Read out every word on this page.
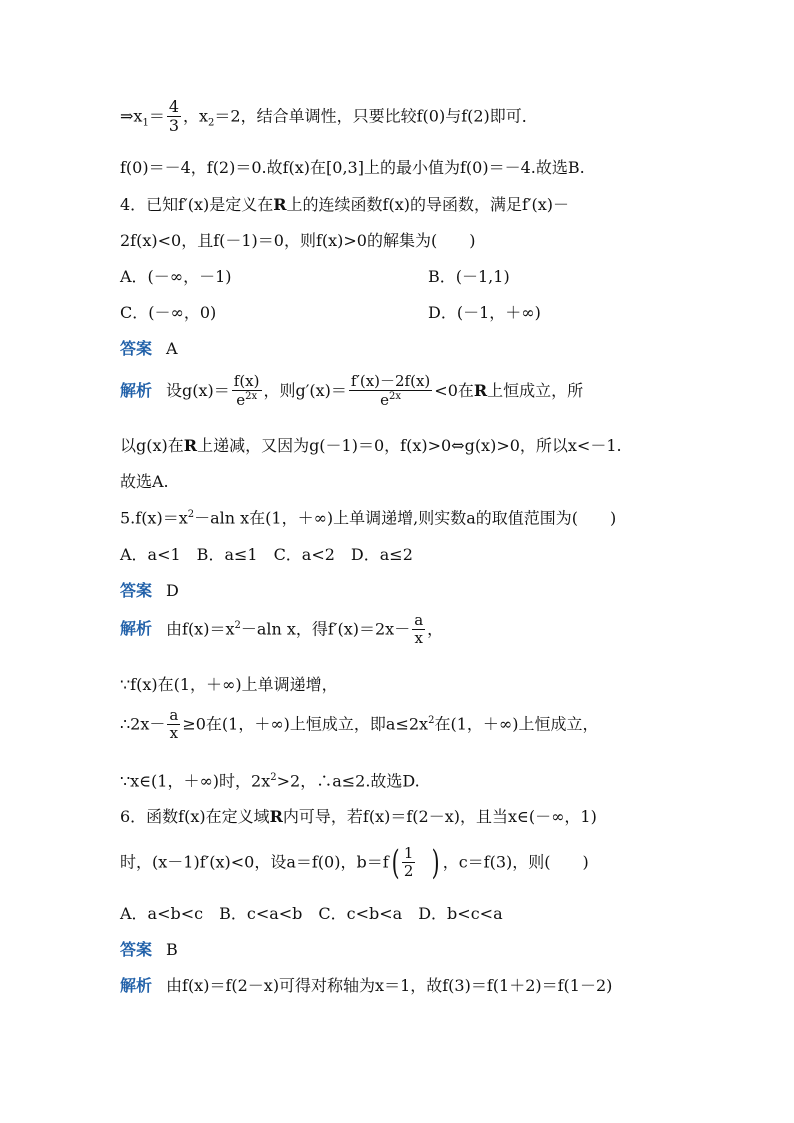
$\Rightarrow x_1= \frac{4}{3}$ ，$x_2=2$，结合单调性，只要比较f(0)与f(2)即可．
f(0)＝－4，f(2)＝0.故f(x)在[0,3]上的最小值为f(0)＝－4.故选B.
4．已知f′(x)是定义在R上的连续函数f(x)的导函数，满足f′(x)－
2f(x)<0，且f(－1)＝0，则f(x)>0的解集为(　　)
A．(－∞，－1)	B．(－1,1)
C．(－∞，0)	D．(－1，＋∞)
答案 A
解析 设$g(x)= \frac{f(x)}{e^{2x}}$ ，则$g'(x)= \frac{f'(x)-2f(x)}{e^{2x}} <0$在R上恒成立，所
以g(x)在R上递减，又因为g(－1)＝0，f(x)>0⇔g(x)>0，所以x<－1.
故选A.
$5.f(x)=x^2-aln$ x在(1，＋∞)上单调递增,则实数a的取值范围为(　　)
A．a<1　B．a≤1　C．a<2　D．a≤2
答案 D
解析 由$f(x)=x^2-aln$ x，得$f'(x)=2x- \frac{a}{x}$ ，
∵f(x)在(1，＋∞)上单调递增，
∴2x－ $\frac{a}{x} \ge 0$在(1，＋∞)上恒成立，即$a\le 2x^2$在(1，＋∞)上恒成立，
∵x∈(1，＋∞)时，$2x^2>2$，∴a≤2.故选D.
6．函数f(x)在定义域R内可导，若f(x)＝f(2－x)，且当x∈(－∞，1)
时，(x－1)f′(x)<0，设a＝f(0)，$b=f( \frac{1}{2}$ ) ，c＝f(3)，则(　　)
A．a<b<c　B．c<a<b　C．c<b<a　D．b<c<a
答案 B
解析 由f(x)＝f(2－x)可得对称轴为x＝1，故f(3)＝f(1＋2)＝f(1－2)
